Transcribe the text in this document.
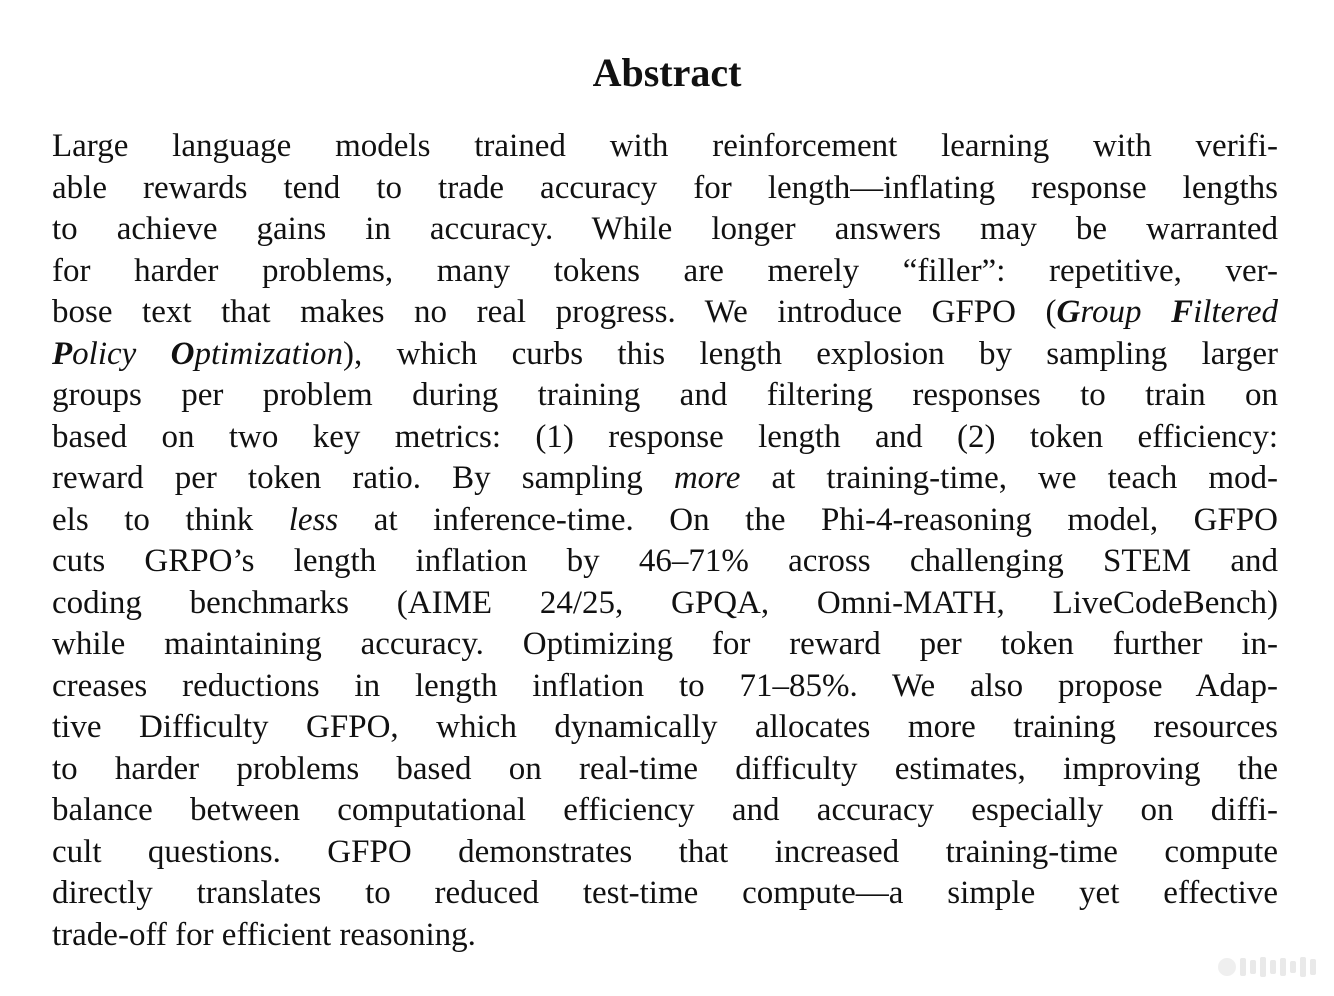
Abstract
Large language models trained with reinforcement learning with verifi-
able rewards tend to trade accuracy for length—inflating response lengths
to achieve gains in accuracy. While longer answers may be warranted
for harder problems, many tokens are merely “filler”: repetitive, ver-
bose text that makes no real progress. We introduce GFPO (Group Filtered
Policy Optimization), which curbs this length explosion by sampling larger
groups per problem during training and filtering responses to train on
based on two key metrics: (1) response length and (2) token efficiency:
reward per token ratio. By sampling more at training-time, we teach mod-
els to think less at inference-time. On the Phi-4-reasoning model, GFPO
cuts GRPO’s length inflation by 46–71% across challenging STEM and
coding benchmarks (AIME 24/25, GPQA, Omni-MATH, LiveCodeBench)
while maintaining accuracy. Optimizing for reward per token further in-
creases reductions in length inflation to 71–85%. We also propose Adap-
tive Difficulty GFPO, which dynamically allocates more training resources
to harder problems based on real-time difficulty estimates, improving the
balance between computational efficiency and accuracy especially on diffi-
cult questions. GFPO demonstrates that increased training-time compute
directly translates to reduced test-time compute—a simple yet effective
trade-off for efficient reasoning.
